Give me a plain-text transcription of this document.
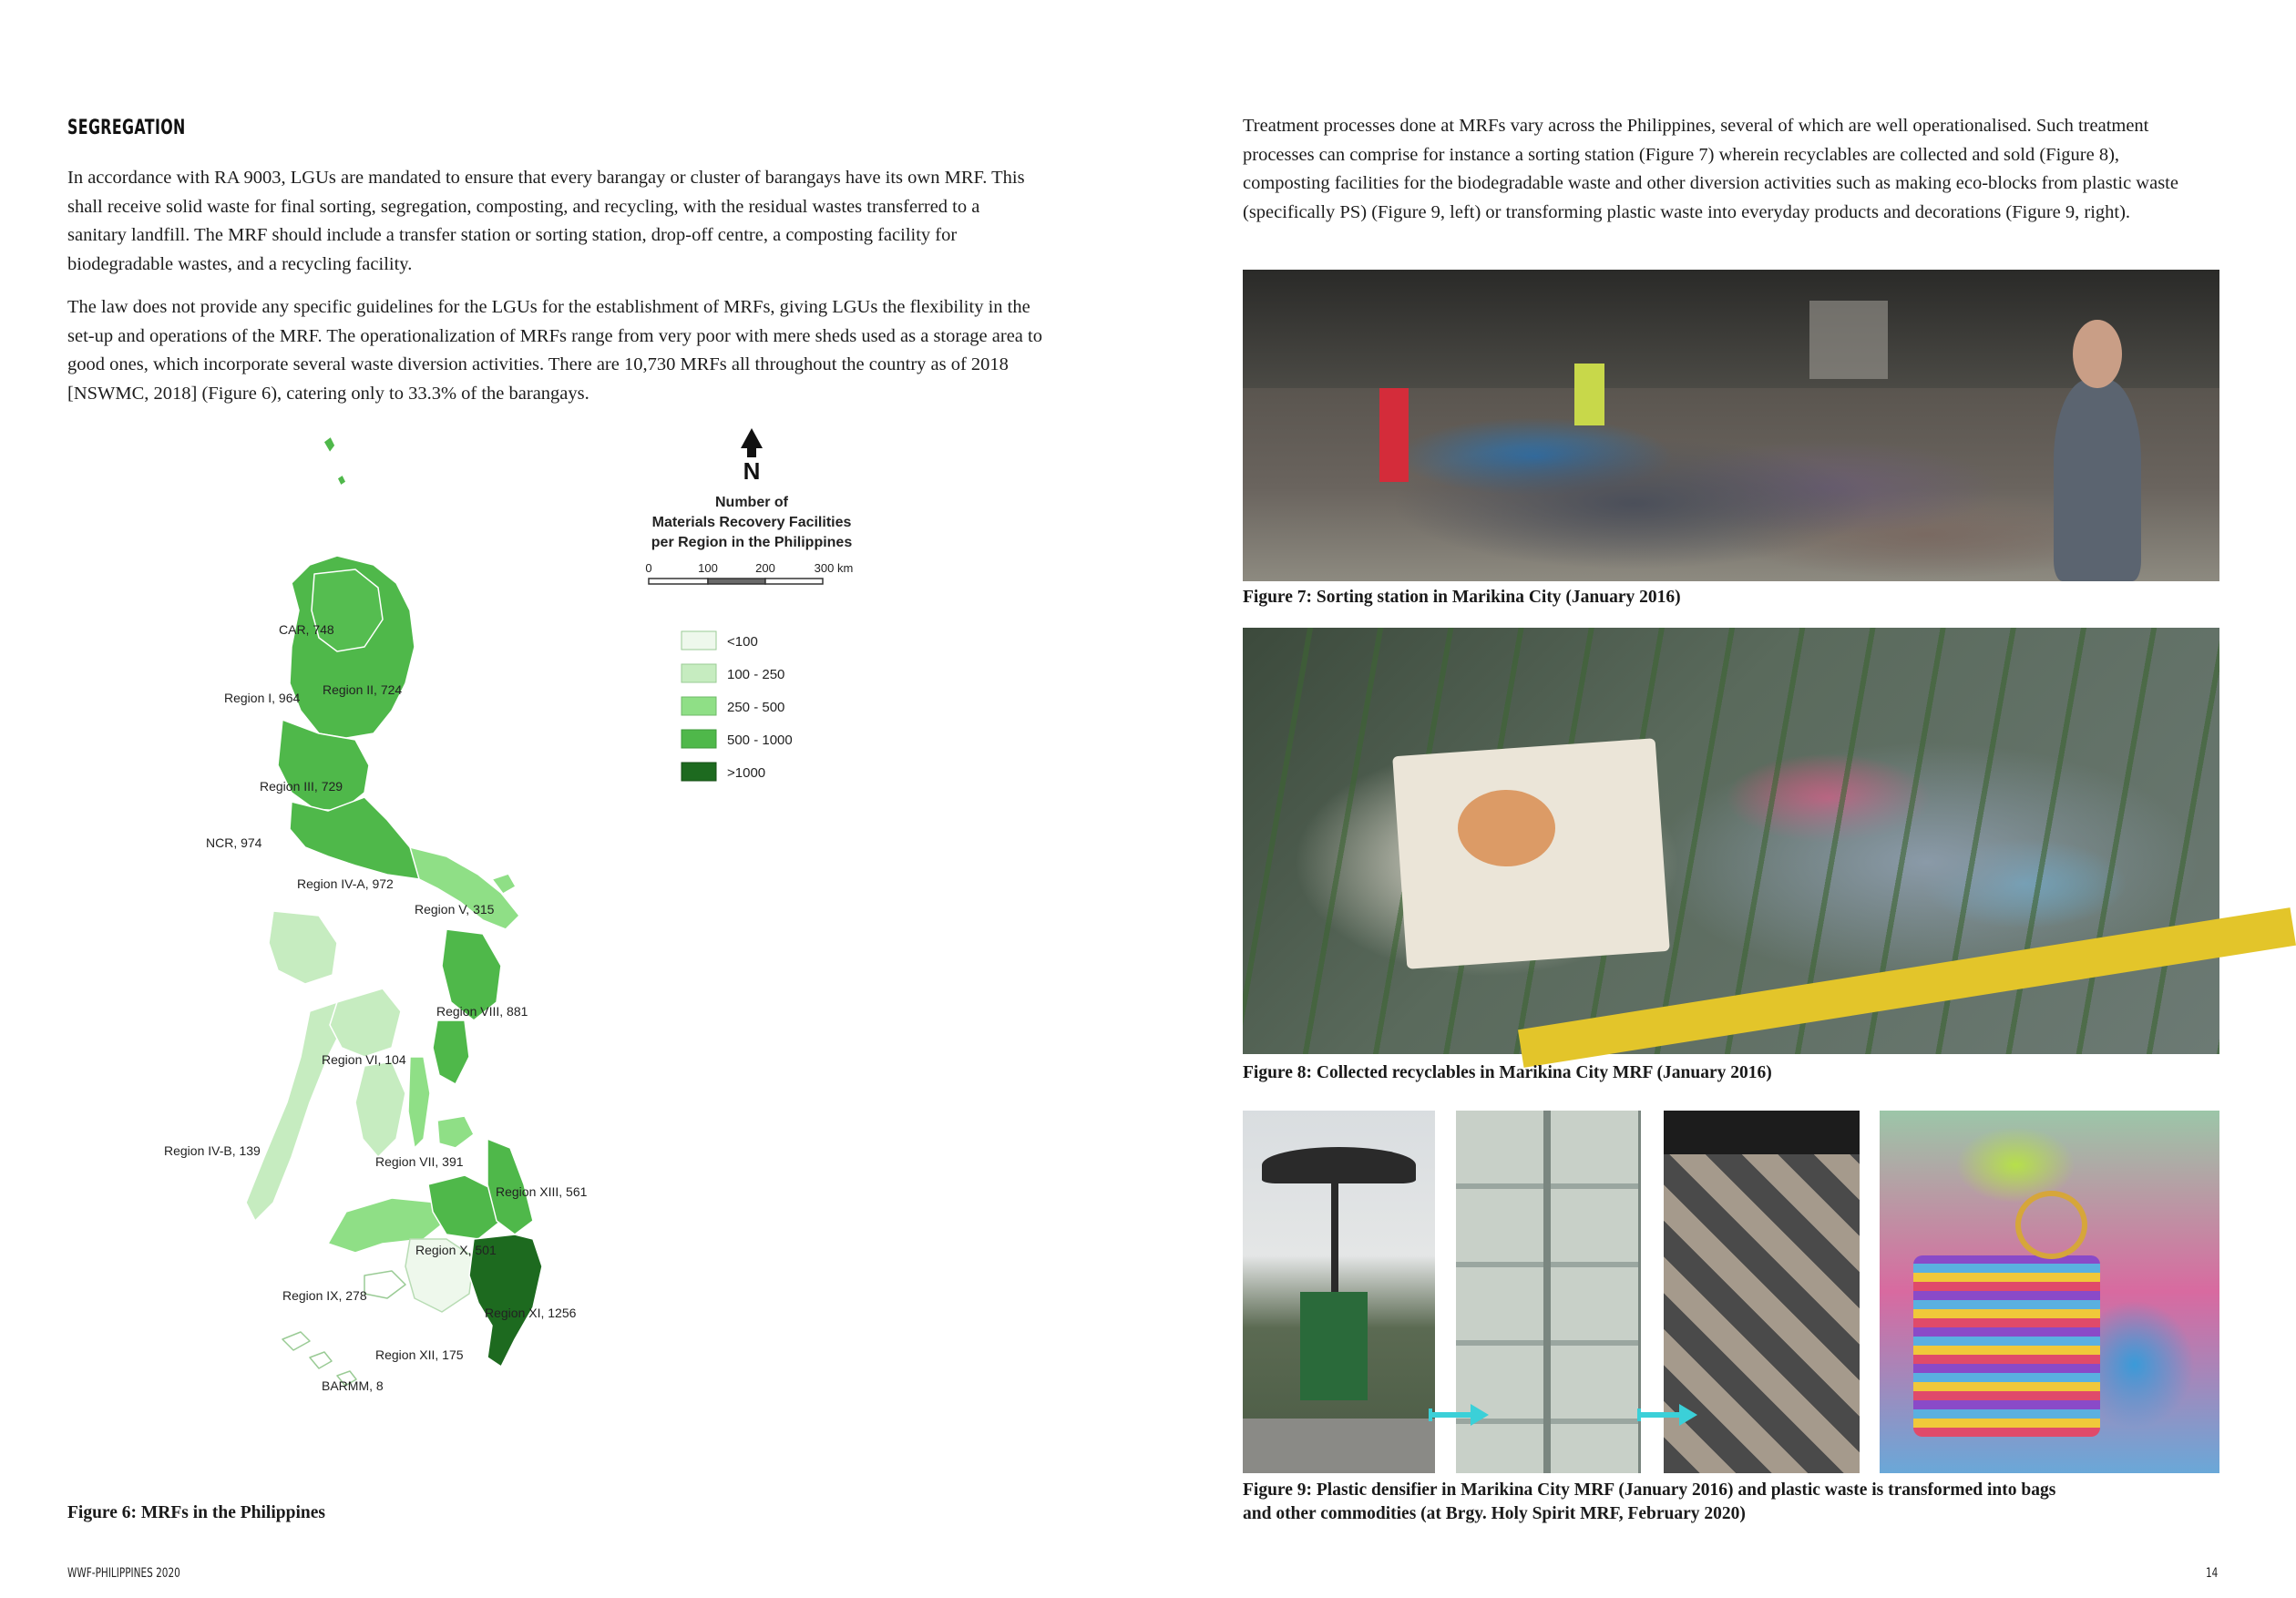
SEGREGATION
In accordance with RA 9003, LGUs are mandated to ensure that every barangay or cluster of barangays have its own MRF. This shall receive solid waste for final sorting, segregation, composting, and recycling, with the residual wastes transferred to a sanitary landfill. The MRF should include a transfer station or sorting station, drop-off centre, a composting facility for biodegradable wastes, and a recycling facility.
The law does not provide any specific guidelines for the LGUs for the establishment of MRFs, giving LGUs the flexibility in the set-up and operations of the MRF. The operationalization of MRFs range from very poor with mere sheds used as a storage area to good ones, which incorporate several waste diversion activities. There are 10,730 MRFs all throughout the country as of 2018 [NSWMC, 2018] (Figure 6), catering only to 33.3% of the barangays.
N
Number of
Materials Recovery Facilities
per Region in the Philippines
0	100	200	300 km
<100
100 - 250
250 - 500
500 - 1000
>1000
CAR, 748
Region I, 964
Region II, 724
Region III, 729
NCR, 974
Region IV-A, 972
Region V, 315
Region VIII, 881
Region VI, 104
Region IV-B, 139
Region VII, 391
Region XIII, 561
Region X, 501
Region IX, 278
Region XI, 1256
Region XII, 175
BARMM, 8
Figure 6: MRFs in the Philippines
Treatment processes done at MRFs vary across the Philippines, several of which are well operationalised. Such treatment processes can comprise for instance a sorting station (Figure 7) wherein recyclables are collected and sold (Figure 8), composting facilities for the biodegradable waste and other diversion activities such as making eco-blocks from plastic waste (specifically PS) (Figure 9, left) or transforming plastic waste into everyday products and decorations (Figure 9, right).
Figure 7: Sorting station in Marikina City (January 2016)
Figure 8: Collected recyclables in Marikina City MRF (January 2016)
Figure 9: Plastic densifier in Marikina City MRF (January 2016) and plastic waste is transformed into bags
and other commodities (at Brgy. Holy Spirit MRF, February 2020)
WWF-PHILIPPINES 2020	14
